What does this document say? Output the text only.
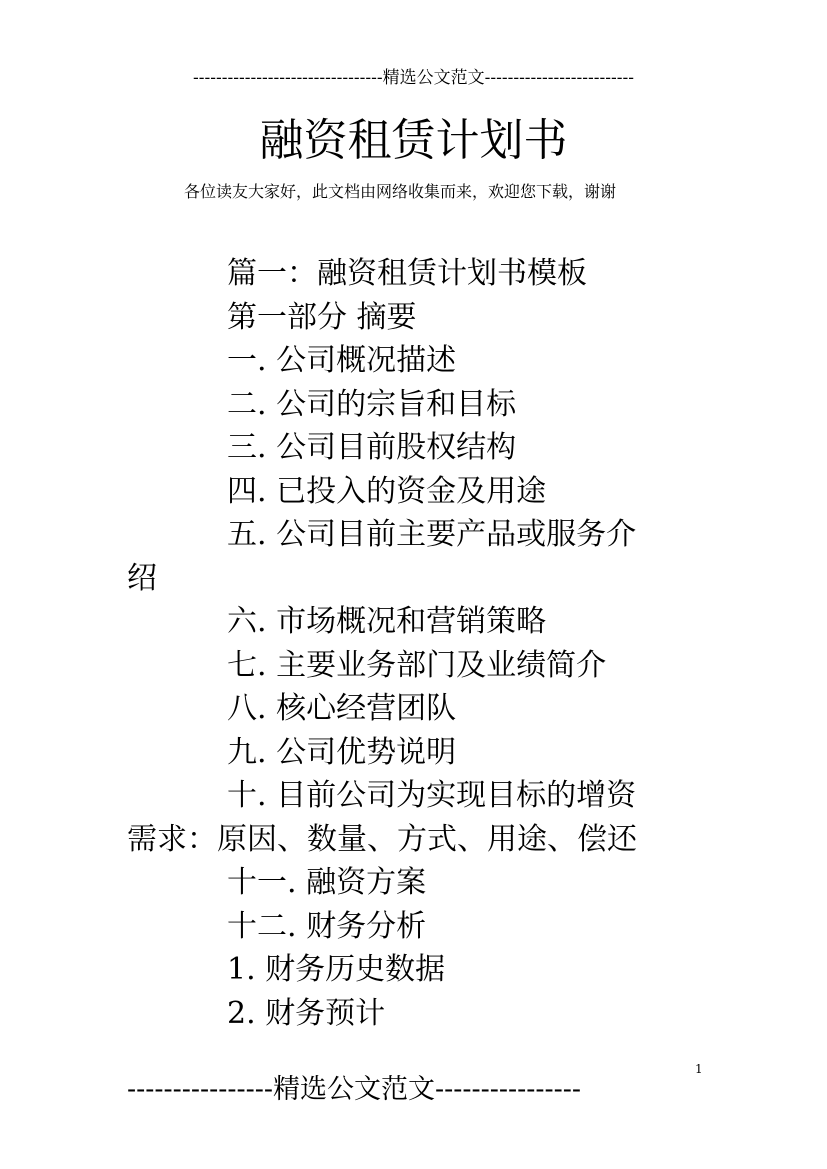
---------------------------------精选公文范文--------------------------
融资租赁计划书
各位读友大家好，此文档由网络收集而来，欢迎您下载，谢谢
篇一：融资租赁计划书模板
第一部分 摘要
一. 公司概况描述
二. 公司的宗旨和目标
三. 公司目前股权结构
四. 已投入的资金及用途
五. 公司目前主要产品或服务介
绍
六. 市场概况和营销策略
七. 主要业务部门及业绩简介
八. 核心经营团队
九. 公司优势说明
十. 目前公司为实现目标的增资
需求：原因、数量、方式、用途、偿还
十一. 融资方案
十二. 财务分析
1. 财务历史数据
2. 财务预计
1
----------------精选公文范文----------------
